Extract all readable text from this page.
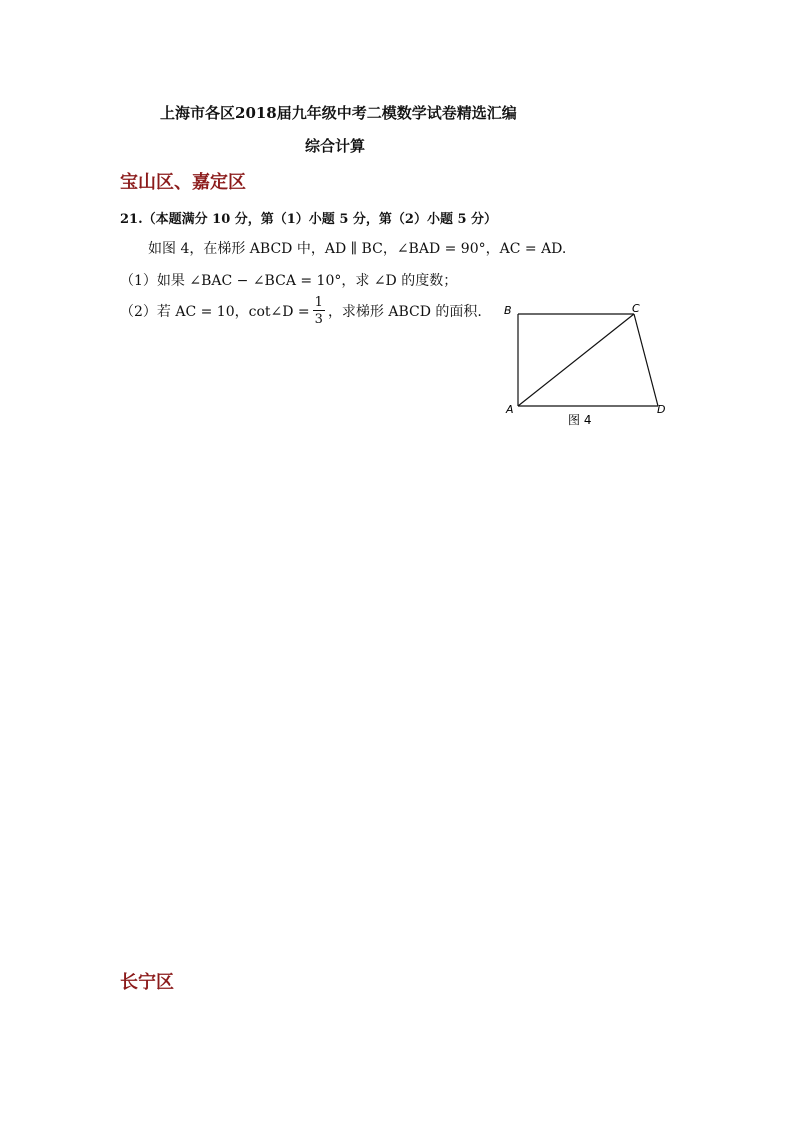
上海市各区2018届九年级中考二模数学试卷精选汇编
综合计算
宝山区、嘉定区
21.（本题满分 10 分，第（1）小题 5 分，第（2）小题 5 分）
如图 4，在梯形 ABCD 中，AD ∥ BC，∠BAD = 90°，AC = AD.
（1）如果 ∠BAC − ∠BCA = 10°，求 ∠D 的度数；
（2）若 AC = 10，cot∠D = $\frac{1}{3}$ ，求梯形 ABCD 的面积. B	C
A	D
图 4
长宁区
